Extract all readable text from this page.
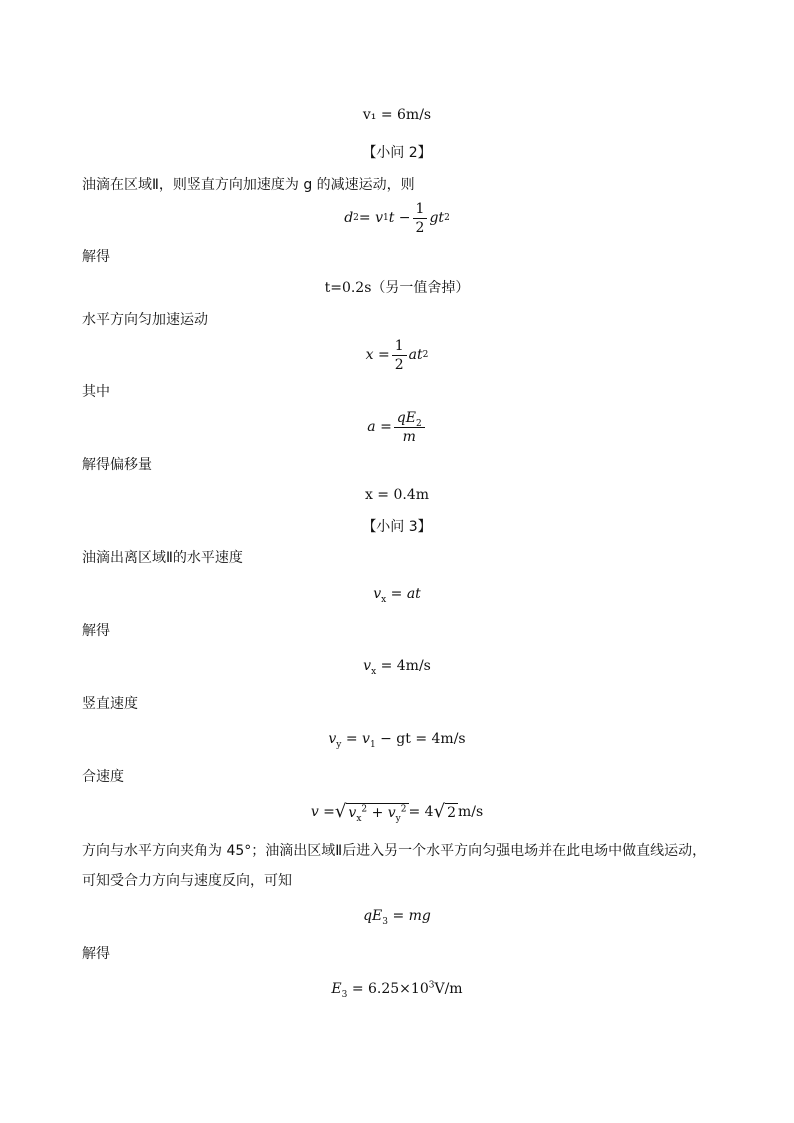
v₁ = 6m/s
【小问 2】
油滴在区域Ⅱ，则竖直方向加速度为 g 的减速运动，则
d 2 = v 1 $t - \frac{1}{2}$ gt 2
解得
t=0.2s（另一值舍掉）
水平方向匀加速运动
$x = \frac{1}{2}$ at 2
其中
$a = \frac{qE_2}{m}$
解得偏移量
x = 0.4m
【小问 3】
油滴出离区域Ⅱ的水平速度
$v_x$ = at
解得
$v_x = 4m/s$
竖直速度
$v_y = v_1$ − gt = 4m/s
合速度
v = √ $v_x^2 + v_y^2 = 4$ √ 2 m/s
方向与水平方向夹角为 45°；油滴出区域Ⅱ后进入另一个水平方向匀强电场并在此电场中做直线运动，
可知受合力方向与速度反向，可知
$qE_3$ = mg
解得
$E_3 = 6.25\times 10^3V/m$
